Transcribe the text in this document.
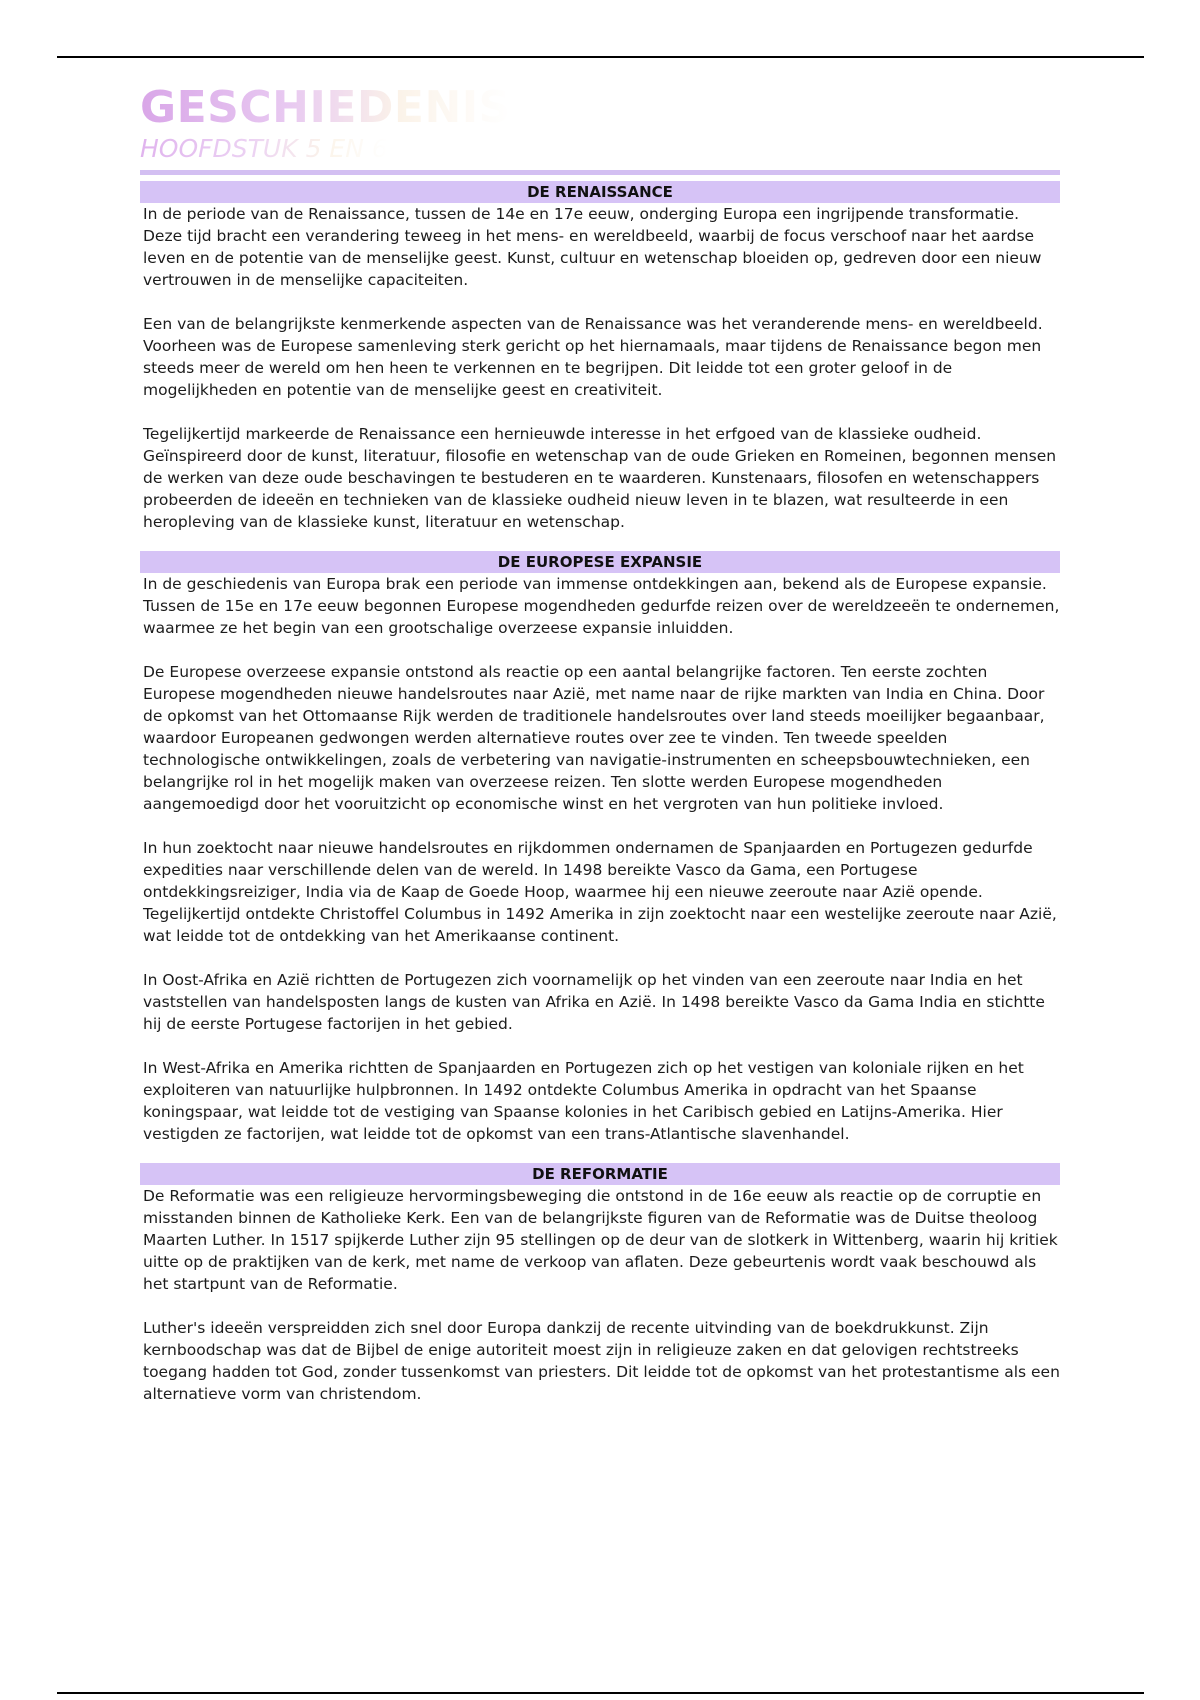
GESCHIEDENIS
HOOFDSTUK 5 EN 6
DE RENAISSANCE

In de periode van de Renaissance, tussen de 14e en 17e eeuw, onderging Europa een ingrijpende transformatie. Deze tijd bracht een verandering teweeg in het mens- en wereldbeeld, waarbij de focus verschoof naar het aardse leven en de potentie van de menselijke geest. Kunst, cultuur en wetenschap bloeiden op, gedreven door een nieuw vertrouwen in de menselijke capaciteiten.

Een van de belangrijkste kenmerkende aspecten van de Renaissance was het veranderende mens- en wereldbeeld. Voorheen was de Europese samenleving sterk gericht op het hiernamaals, maar tijdens de Renaissance begon men steeds meer de wereld om hen heen te verkennen en te begrijpen. Dit leidde tot een groter geloof in de mogelijkheden en potentie van de menselijke geest en creativiteit.

Tegelijkertijd markeerde de Renaissance een hernieuwde interesse in het erfgoed van de klassieke oudheid. Geïnspireerd door de kunst, literatuur, filosofie en wetenschap van de oude Grieken en Romeinen, begonnen mensen de werken van deze oude beschavingen te bestuderen en te waarderen. Kunstenaars, filosofen en wetenschappers probeerden de ideeën en technieken van de klassieke oudheid nieuw leven in te blazen, wat resulteerde in een heropleving van de klassieke kunst, literatuur en wetenschap.

DE EUROPESE EXPANSIE

In de geschiedenis van Europa brak een periode van immense ontdekkingen aan, bekend als de Europese expansie. Tussen de 15e en 17e eeuw begonnen Europese mogendheden gedurfde reizen over de wereldzeeën te ondernemen, waarmee ze het begin van een grootschalige overzeese expansie inluidden.

De Europese overzeese expansie ontstond als reactie op een aantal belangrijke factoren. Ten eerste zochten Europese mogendheden nieuwe handelsroutes naar Azië, met name naar de rijke markten van India en China. Door de opkomst van het Ottomaanse Rijk werden de traditionele handelsroutes over land steeds moeilijker begaanbaar, waardoor Europeanen gedwongen werden alternatieve routes over zee te vinden. Ten tweede speelden technologische ontwikkelingen, zoals de verbetering van navigatie-instrumenten en scheepsbouwtechnieken, een belangrijke rol in het mogelijk maken van overzeese reizen. Ten slotte werden Europese mogendheden aangemoedigd door het vooruitzicht op economische winst en het vergroten van hun politieke invloed.

In hun zoektocht naar nieuwe handelsroutes en rijkdommen ondernamen de Spanjaarden en Portugezen gedurfde expedities naar verschillende delen van de wereld. In 1498 bereikte Vasco da Gama, een Portugese ontdekkingsreiziger, India via de Kaap de Goede Hoop, waarmee hij een nieuwe zeeroute naar Azië opende. Tegelijkertijd ontdekte Christoffel Columbus in 1492 Amerika in zijn zoektocht naar een westelijke zeeroute naar Azië, wat leidde tot de ontdekking van het Amerikaanse continent.

In Oost-Afrika en Azië richtten de Portugezen zich voornamelijk op het vinden van een zeeroute naar India en het vaststellen van handelsposten langs de kusten van Afrika en Azië. In 1498 bereikte Vasco da Gama India en stichtte hij de eerste Portugese factorijen in het gebied.

In West-Afrika en Amerika richtten de Spanjaarden en Portugezen zich op het vestigen van koloniale rijken en het exploiteren van natuurlijke hulpbronnen. In 1492 ontdekte Columbus Amerika in opdracht van het Spaanse koningspaar, wat leidde tot de vestiging van Spaanse kolonies in het Caribisch gebied en Latijns-Amerika. Hier vestigden ze factorijen, wat leidde tot de opkomst van een trans-Atlantische slavenhandel.

DE REFORMATIE

De Reformatie was een religieuze hervormingsbeweging die ontstond in de 16e eeuw als reactie op de corruptie en misstanden binnen de Katholieke Kerk. Een van de belangrijkste figuren van de Reformatie was de Duitse theoloog Maarten Luther. In 1517 spijkerde Luther zijn 95 stellingen op de deur van de slotkerk in Wittenberg, waarin hij kritiek uitte op de praktijken van de kerk, met name de verkoop van aflaten. Deze gebeurtenis wordt vaak beschouwd als het startpunt van de Reformatie.

Luther's ideeën verspreidden zich snel door Europa dankzij de recente uitvinding van de boekdrukkunst. Zijn kernboodschap was dat de Bijbel de enige autoriteit moest zijn in religieuze zaken en dat gelovigen rechtstreeks toegang hadden tot God, zonder tussenkomst van priesters. Dit leidde tot de opkomst van het protestantisme als een alternatieve vorm van christendom.
